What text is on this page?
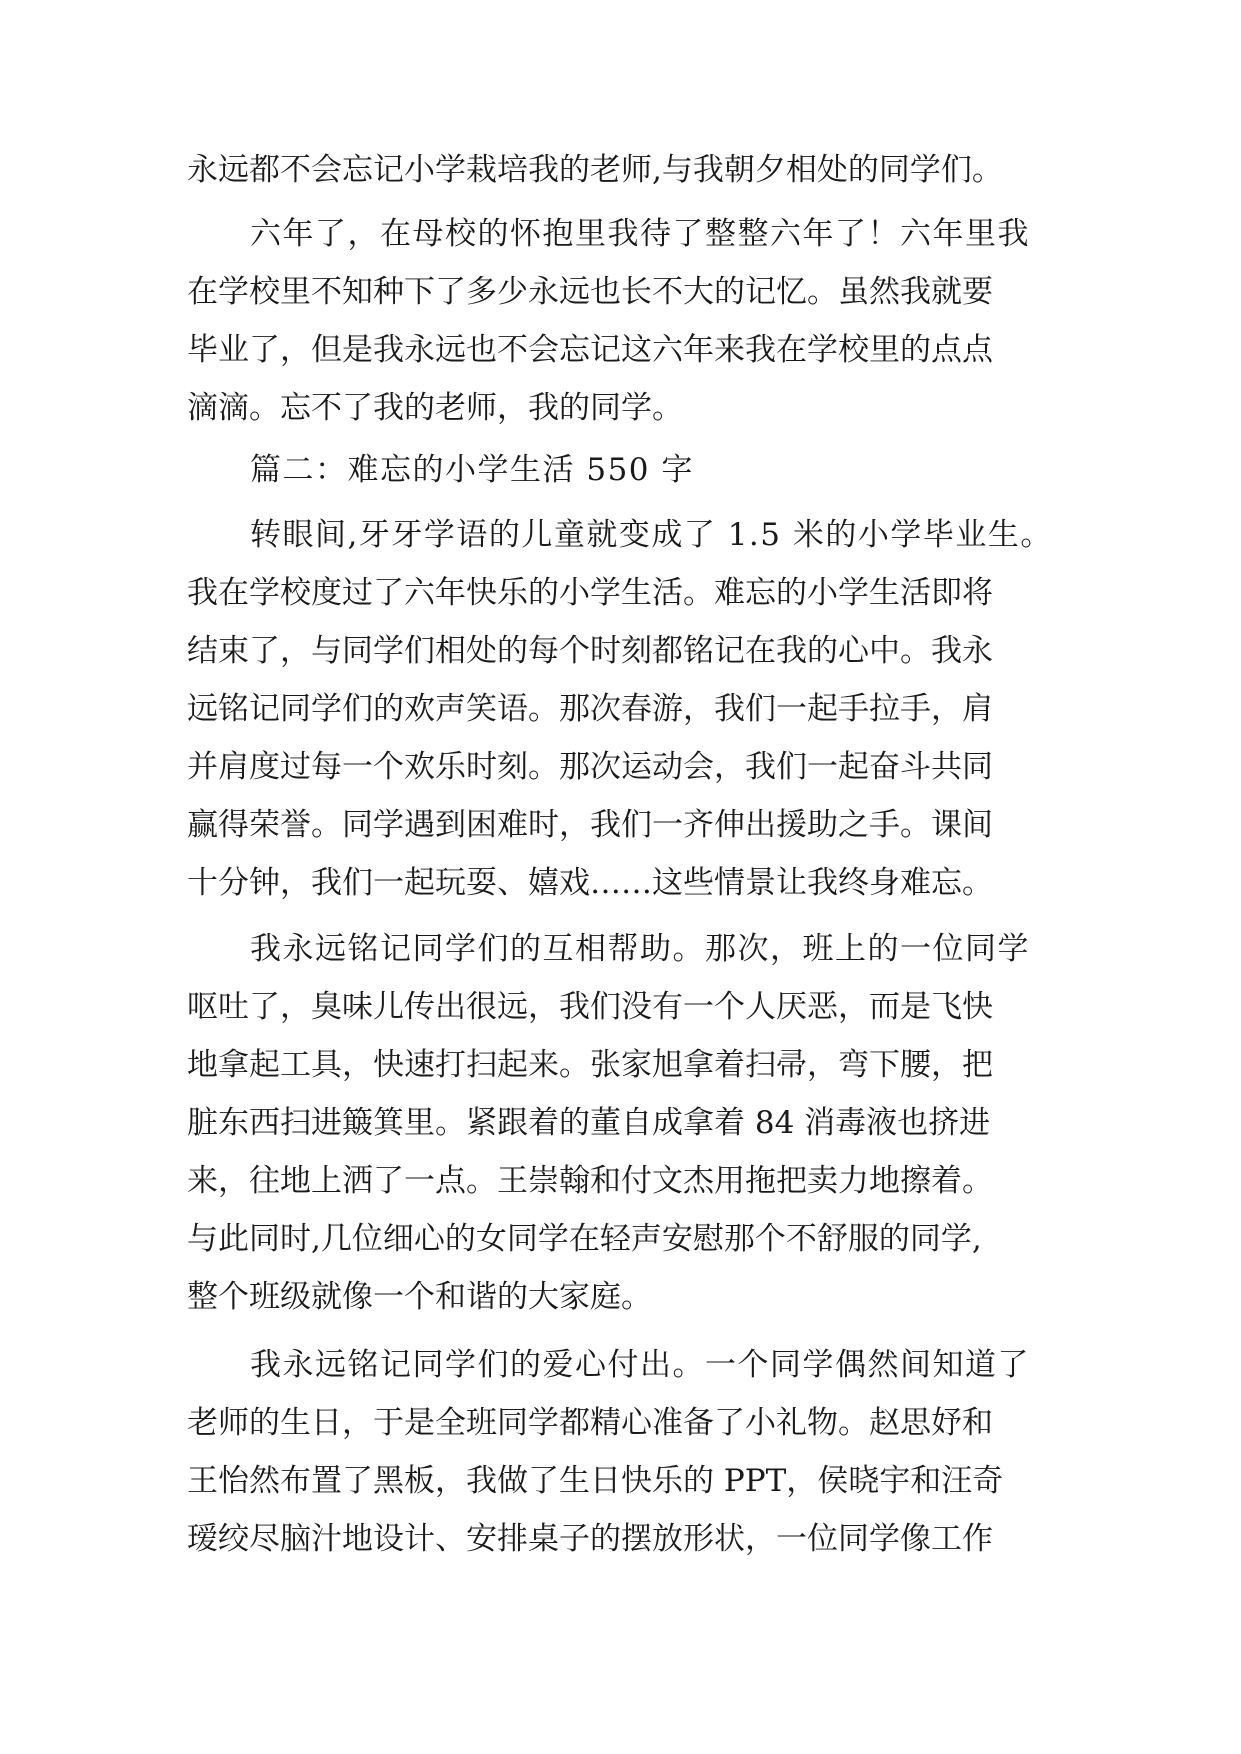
永远都不会忘记小学栽培我的老师,与我朝夕相处的同学们。
六年了，在母校的怀抱里我待了整整六年了！六年里我
在学校里不知种下了多少永远也长不大的记忆。虽然我就要
毕业了，但是我永远也不会忘记这六年来我在学校里的点点
滴滴。忘不了我的老师，我的同学。
篇二：难忘的小学生活 550 字
转眼间,牙牙学语的儿童就变成了 1.5 米的小学毕业生。
我在学校度过了六年快乐的小学生活。难忘的小学生活即将
结束了，与同学们相处的每个时刻都铭记在我的心中。我永
远铭记同学们的欢声笑语。那次春游，我们一起手拉手，肩
并肩度过每一个欢乐时刻。那次运动会，我们一起奋斗共同
赢得荣誉。同学遇到困难时，我们一齐伸出援助之手。课间
十分钟，我们一起玩耍、嬉戏……这些情景让我终身难忘。
我永远铭记同学们的互相帮助。那次，班上的一位同学
呕吐了，臭味儿传出很远，我们没有一个人厌恶，而是飞快
地拿起工具，快速打扫起来。张家旭拿着扫帚，弯下腰，把
脏东西扫进簸箕里。紧跟着的董自成拿着 84 消毒液也挤进
来，往地上洒了一点。王崇翰和付文杰用拖把卖力地擦着。
与此同时,几位细心的女同学在轻声安慰那个不舒服的同学,
整个班级就像一个和谐的大家庭。
我永远铭记同学们的爱心付出。一个同学偶然间知道了
老师的生日，于是全班同学都精心准备了小礼物。赵思妤和
王怡然布置了黑板，我做了生日快乐的 PPT，侯晓宇和汪奇
瑷绞尽脑汁地设计、安排桌子的摆放形状，一位同学像工作
